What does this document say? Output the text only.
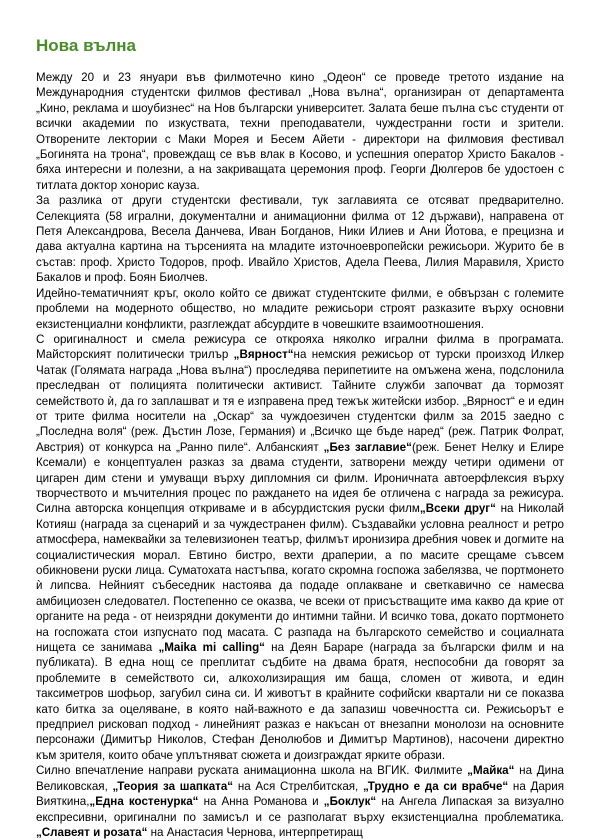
Нова вълна

Между 20 и 23 януари във филмотечно кино „Одеон“ се проведе третото издание на Международния студентски филмов фестивал „Нова вълна“, организиран от департамента „Кино, реклама и шоубизнес“ на Нов български университет. Залата беше пълна със студенти от всички академии по изкуствата, техни преподаватели, чуждестранни гости и зрители. Отворените лектории с Маки Морея и Бесем Айети - директори на филмовия фестивал „Богинята на трона“, провеждащ се във влак в Косово, и успешния оператор Христо Бакалов - бяха интересни и полезни, а на закриващата церемония проф. Георги Дюлгеров бе удостоен с титлата доктор хонорис кауза.

За разлика от други студентски фестивали, тук заглавията се отсяват предварително. Селекцията (58 игрални, документални и анимационни филма от 12 държави), направена от Петя Александрова, Весела Данчева, Иван Богданов, Ники Илиев и Ани Йотова, е прецизна и дава актуална картина на търсенията на младите източноевропейски режисьори. Журито бе в състав: проф. Христо Тодоров, проф. Ивайло Христов, Адела Пеева, Лилия Маравиля, Христо Бакалов и проф. Боян Биолчев.

Идейно-тематичният кръг, около който се движат студентските филми, е обвързан с големите проблеми на модерното общество, но младите режисьори строят разказите върху основни екзистенциални конфликти, разглеждат абсурдите в човешките взаимоотношения.

С оригиналност и смела режисура се открояха няколко игрални филма в програмата. Майсторският политически трилър „Вярност“на немския режисьор от турски произход Илкер Чатак (Голямата награда „Нова вълна“) проследява перипетиите на омъжена жена, подслонила преследван от полицията политически активист. Тайните служби започват да тормозят семейството ѝ, да го заплашват и тя е изправена пред тежък житейски избор. „Вярност“ е и един от трите филма носители на „Оскар“ за чуждоезичен студентски филм за 2015 заедно с „Последна воля“ (реж. Дъстин Лозе, Германия) и „Всичко ще бъде наред“ (реж. Патрик Фолрат, Австрия) от конкурса на „Ранно пиле“. Албанският „Без заглавие“(реж. Бенет Нелку и Елире Ксемали) е концептуален разказ за двама студенти, затворени между четири одимени от цигарен дим стени и умуващи върху дипломния си филм. Ироничната автоерфлексия върху творчеството и мъчителния процес по раждането на идея бе отличена с награда за режисура. Силна авторска концепция откриваме и в абсурдистския руски филм„Всеки друг“ на Николай Котияш (награда за сценарий и за чуждестранен филм). Създавайки условна реалност и ретро атмосфера, намеквайки за телевизионен театър, филмът иронизира дребния човек и догмите на социалистическия морал. Евтино бистро, вехти драперии, а по масите срещаме съвсем обикновени руски лица. Суматохата настъпва, когато скромна госпожа забелязва, че портмонето ѝ липсва. Нейният събеседник настоява да подаде оплакване и светкавично се намесва амбициозен следовател. Постепенно се оказва, че всеки от присъстващите има какво да крие от органите на реда - от неизрядни документи до интимни тайни. И всичко това, докато портмонето на госпожата стои изпуснато под масата. С разпада на българското семейство и социалната нищета се занимава „Maika mi calling“ на Деян Бараре (награда за български филм и на публиката). В една нощ се преплитат съдбите на двама братя, неспособни да говорят за проблемите в семейството си, алкохолизиращия им баща, сломен от живота, и един таксиметров шофьор, загубил сина си. И животът в крайните софийски квартали ни се показва като битка за оцеляване, в която най-важното е да запазиш човечността си. Режисьорът е предприел рисковan подход - линейният разказ е накъсан от внезапни монолози на основните персонажи (Димитър Николов, Стефан Денолюбов и Димитър Мартинов), насочени директно към зрителя, които обаче уплътняват сюжета и доизграждат ярките образи.

Силно впечатление направи руската анимационна школа на ВГИК. Филмите „Майка“ на Дина Великовская, „Теория за шапката“ на Ася Стрелбитская, „Трудно е да си врабче“ на Дария Вияткина,„Една костенурка“ на Анна Романова и „Боклук“ на Ангела Липаская за визуално експресивни, оригинални по замисъл и се разполагат върху екзистенциална проблематика. „Славеят и розата“ на Анастасия Чернова, интерпретиращ
